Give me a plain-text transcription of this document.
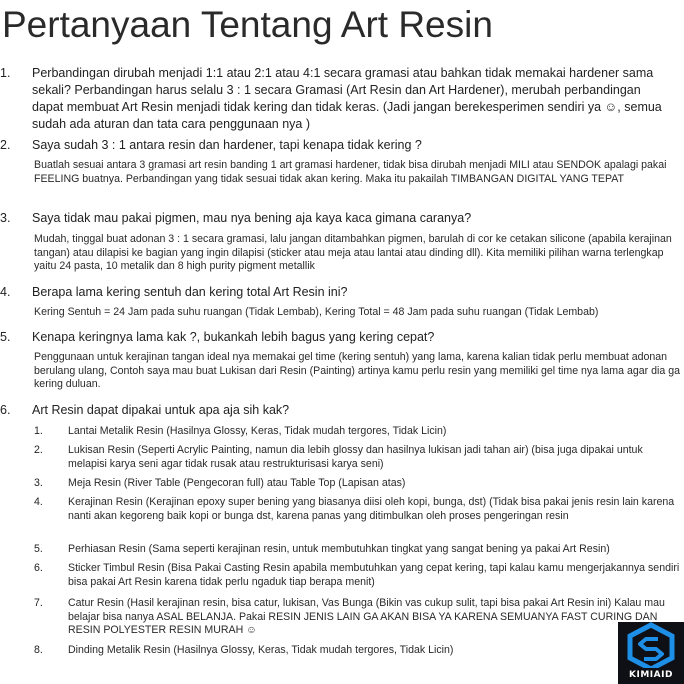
Pertanyaan Tentang Art Resin
1. Perbandingan dirubah menjadi 1:1 atau 2:1 atau 4:1 secara gramasi atau bahkan tidak memakai hardener sama sekali? Perbandingan harus selalu 3 : 1 secara Gramasi (Art Resin dan Art Hardener), merubah perbandingan dapat membuat Art Resin menjadi tidak kering dan tidak keras. (Jadi jangan berekesperimen sendiri ya ☺, semua sudah ada aturan dan tata cara penggunaan nya )
2. Saya sudah 3 : 1 antara resin dan hardener, tapi kenapa tidak kering ?
Buatlah sesuai antara 3 gramasi art resin banding 1 art gramasi hardener, tidak bisa dirubah menjadi MILI atau SENDOK apalagi pakai FEELING buatnya. Perbandingan yang tidak sesuai tidak akan kering. Maka itu pakailah TIMBANGAN DIGITAL YANG TEPAT
3. Saya tidak mau pakai pigmen, mau nya bening aja kaya kaca gimana caranya?
Mudah, tinggal buat adonan 3 : 1 secara gramasi, lalu jangan ditambahkan pigmen, barulah di cor ke cetakan silicone (apabila kerajinan tangan) atau dilapisi ke bagian yang ingin dilapisi (sticker atau meja atau lantai atau dinding dll). Kita memiliki pilihan warna terlengkap yaitu 24 pasta, 10 metalik dan 8 high purity pigment metallik
4. Berapa lama kering sentuh dan kering total Art Resin ini?
Kering Sentuh = 24 Jam pada suhu ruangan (Tidak Lembab), Kering Total = 48 Jam pada suhu ruangan (Tidak Lembab)
5. Kenapa keringnya lama kak ?, bukankah lebih bagus yang kering cepat?
Penggunaan untuk kerajinan tangan ideal nya memakai gel time (kering sentuh) yang lama, karena kalian tidak perlu membuat adonan berulang ulang, Contoh saya mau buat Lukisan dari Resin (Painting) artinya kamu perlu resin yang memiliki gel time nya lama agar dia ga kering duluan.
6. Art Resin dapat dipakai untuk apa aja sih kak?
1. Lantai Metalik Resin (Hasilnya Glossy, Keras, Tidak mudah tergores, Tidak Licin)
2. Lukisan Resin (Seperti Acrylic Painting, namun dia lebih glossy dan hasilnya lukisan jadi tahan air) (bisa juga dipakai untuk melapisi karya seni agar tidak rusak atau restrukturisasi karya seni)
3. Meja Resin (River Table (Pengecoran full) atau Table Top (Lapisan atas)
4. Kerajinan Resin (Kerajinan epoxy super bening yang biasanya diisi oleh kopi, bunga, dst) (Tidak bisa pakai jenis resin lain karena nanti akan kegoreng baik kopi or bunga dst, karena panas yang ditimbulkan oleh proses pengeringan resin
5. Perhiasan Resin (Sama seperti kerajinan resin, untuk membutuhkan tingkat yang sangat bening ya pakai Art Resin)
6. Sticker Timbul Resin (Bisa Pakai Casting Resin apabila membutuhkan yang cepat kering, tapi kalau kamu mengerjakannya sendiri bisa pakai Art Resin karena tidak perlu ngaduk tiap berapa menit)
7. Catur Resin (Hasil kerajinan resin, bisa catur, lukisan, Vas Bunga (Bikin vas cukup sulit, tapi bisa pakai Art Resin ini) Kalau mau belajar bisa nanya ASAL BELANJA. Pakai RESIN JENIS LAIN GA AKAN BISA YA KARENA SEMUANYA FAST CURING DAN RESIN POLYESTER RESIN MURAH ☺
8. Dinding Metalik Resin (Hasilnya Glossy, Keras, Tidak mudah tergores, Tidak Licin)
KIMIAID
